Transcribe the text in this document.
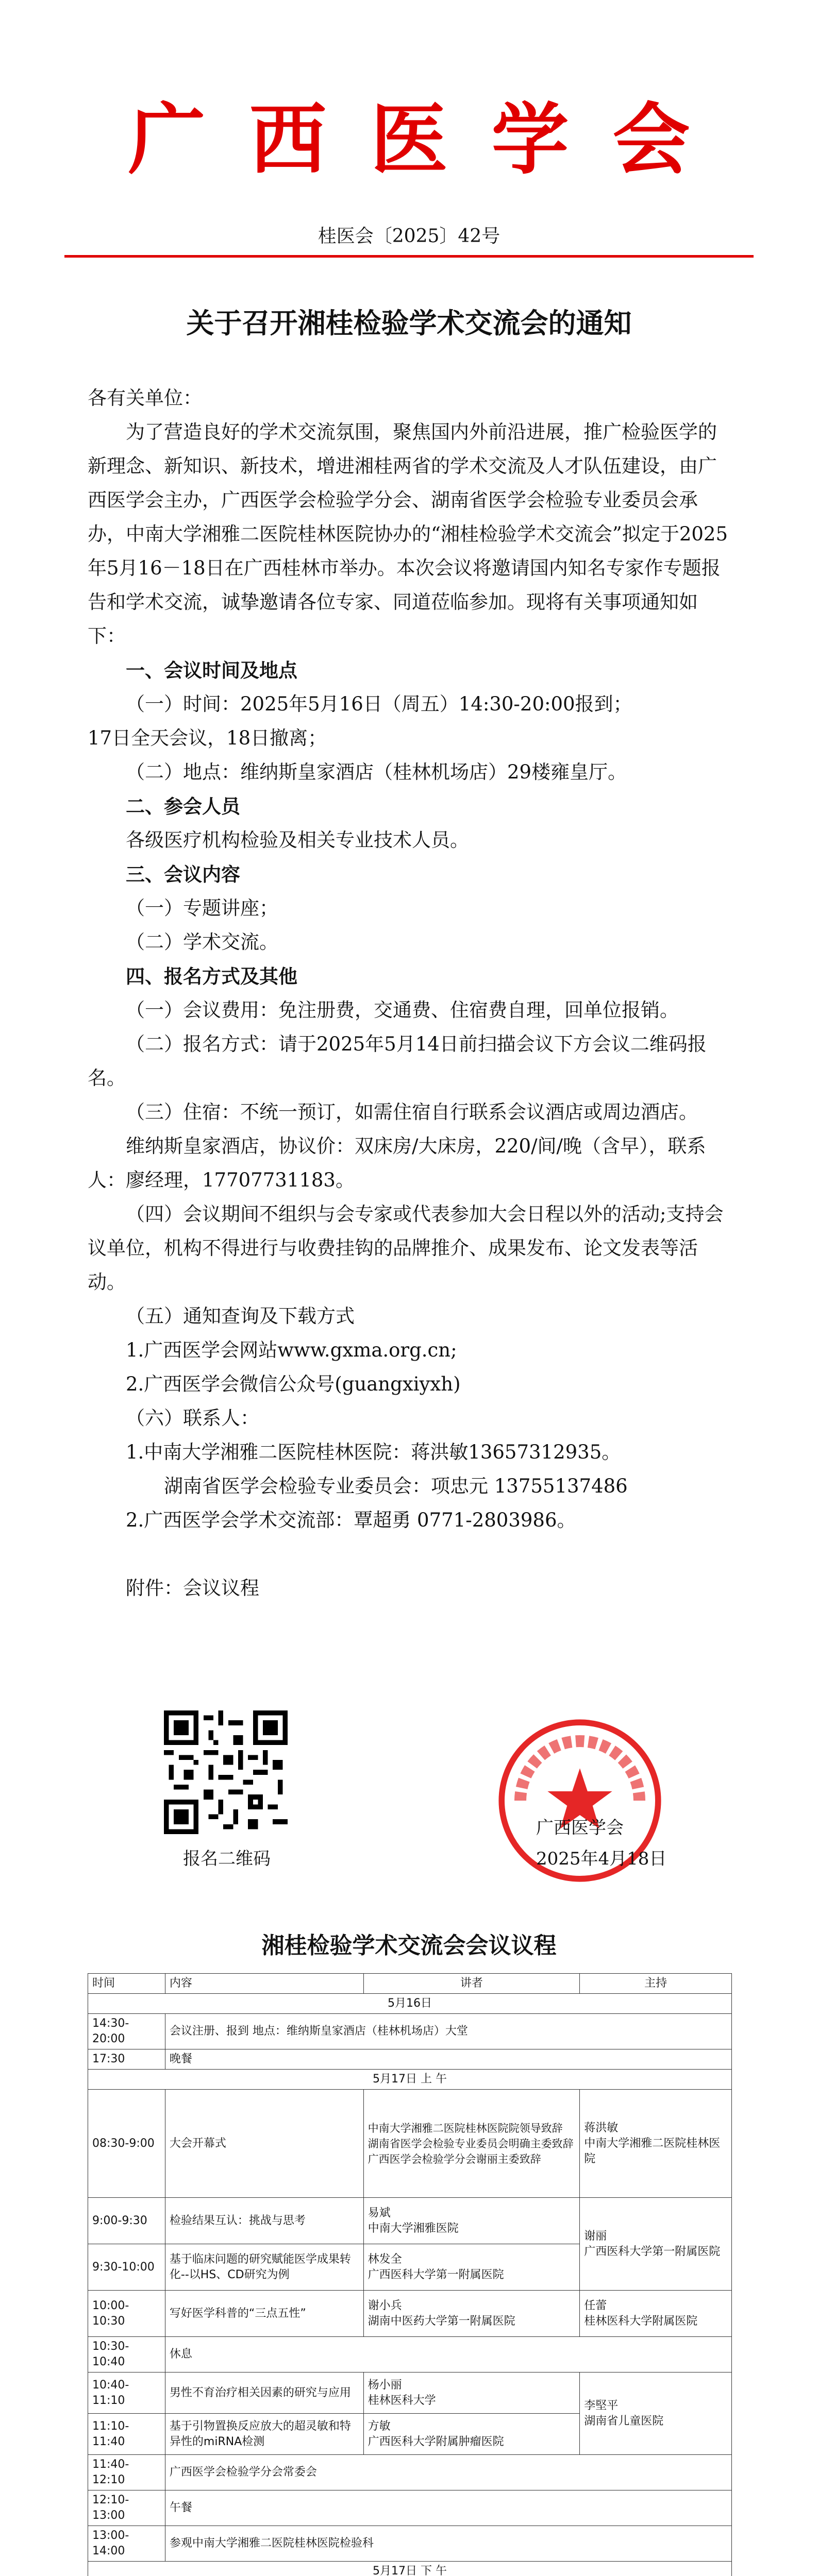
广西医学会
桂医会〔2025〕42号
关于召开湘桂检验学术交流会的通知

各有关单位：

为了营造良好的学术交流氛围，聚焦国内外前沿进展，推广检验医学的新理念、新知识、新技术，增进湘桂两省的学术交流及人才队伍建设，由广西医学会主办，广西医学会检验学分会、湖南省医学会检验专业委员会承办，中南大学湘雅二医院桂林医院协办的“湘桂检验学术交流会”拟定于2025年5月16－18日在广西桂林市举办。本次会议将邀请国内知名专家作专题报告和学术交流，诚挚邀请各位专家、同道莅临参加。现将有关事项通知如下：

一、会议时间及地点

（一）时间：2025年5月16日（周五）14:30-20:00报到；

17日全天会议，18日撤离；

（二）地点：维纳斯皇家酒店（桂林机场店）29楼雍皇厅。

二、参会人员

各级医疗机构检验及相关专业技术人员。

三、会议内容

（一）专题讲座；

（二）学术交流。

四、报名方式及其他

（一）会议费用：免注册费，交通费、住宿费自理，回单位报销。

（二）报名方式：请于2025年5月14日前扫描会议下方会议二维码报名。

（三）住宿：不统一预订，如需住宿自行联系会议酒店或周边酒店。

维纳斯皇家酒店，协议价：双床房/大床房，220/间/晚（含早），联系人：廖经理，17707731183。

（四）会议期间不组织与会专家或代表参加大会日程以外的活动;支持会议单位，机构不得进行与收费挂钩的品牌推介、成果发布、论文发表等活动。

（五）通知查询及下载方式

1.广西医学会网站www.gxma.org.cn;

2.广西医学会微信公众号(guangxiyxh)

（六）联系人：

1.中南大学湘雅二医院桂林医院：蒋洪敏13657312935。

湖南省医学会检验专业委员会：项忠元 13755137486

2.广西医学会学术交流部：覃超勇 0771-2803986。

附件：会议议程

报名二维码
广西医学会
2025年4月18日
湘桂检验学术交流会会议议程
时间	内容	讲者	主持
5月16日			
14:30-20:00	会议注册、报到 地点：维纳斯皇家酒店（桂林机场店）大堂		
17:30	晚餐		
5月17日 上 午			
08:30-9:00	大会开幕式	中南大学湘雅二医院桂林医院院领导致辞
湖南省医学会检验专业委员会明确主委致辞
广西医学会检验学分会谢丽主委致辞	蒋洪敏
中南大学湘雅二医院桂林医院
9:00-9:30	检验结果互认：挑战与思考	易斌
中南大学湘雅医院	谢丽
广西医科大学第一附属医院
9:30-10:00	基于临床问题的研究赋能医学成果转化--以HS、CD研究为例	林发全
广西医科大学第一附属医院	
10:00-10:30	写好医学科普的“三点五性”	谢小兵
湖南中医药大学第一附属医院	任蕾
桂林医科大学附属医院
10:30-10:40	休息		
10:40-11:10	男性不育治疗相关因素的研究与应用	杨小丽
桂林医科大学	李堅平
湖南省儿童医院
11:10-11:40	基于引物置换反应放大的超灵敏和特异性的miRNA检测	方敏
广西医科大学附属肿瘤医院	
11:40-12:10	广西医学会检验学分会常委会		
12:10-13:00	午餐		
13:00-14:00	参观中南大学湘雅二医院桂林医院检验科		
5月17日 下 午			
